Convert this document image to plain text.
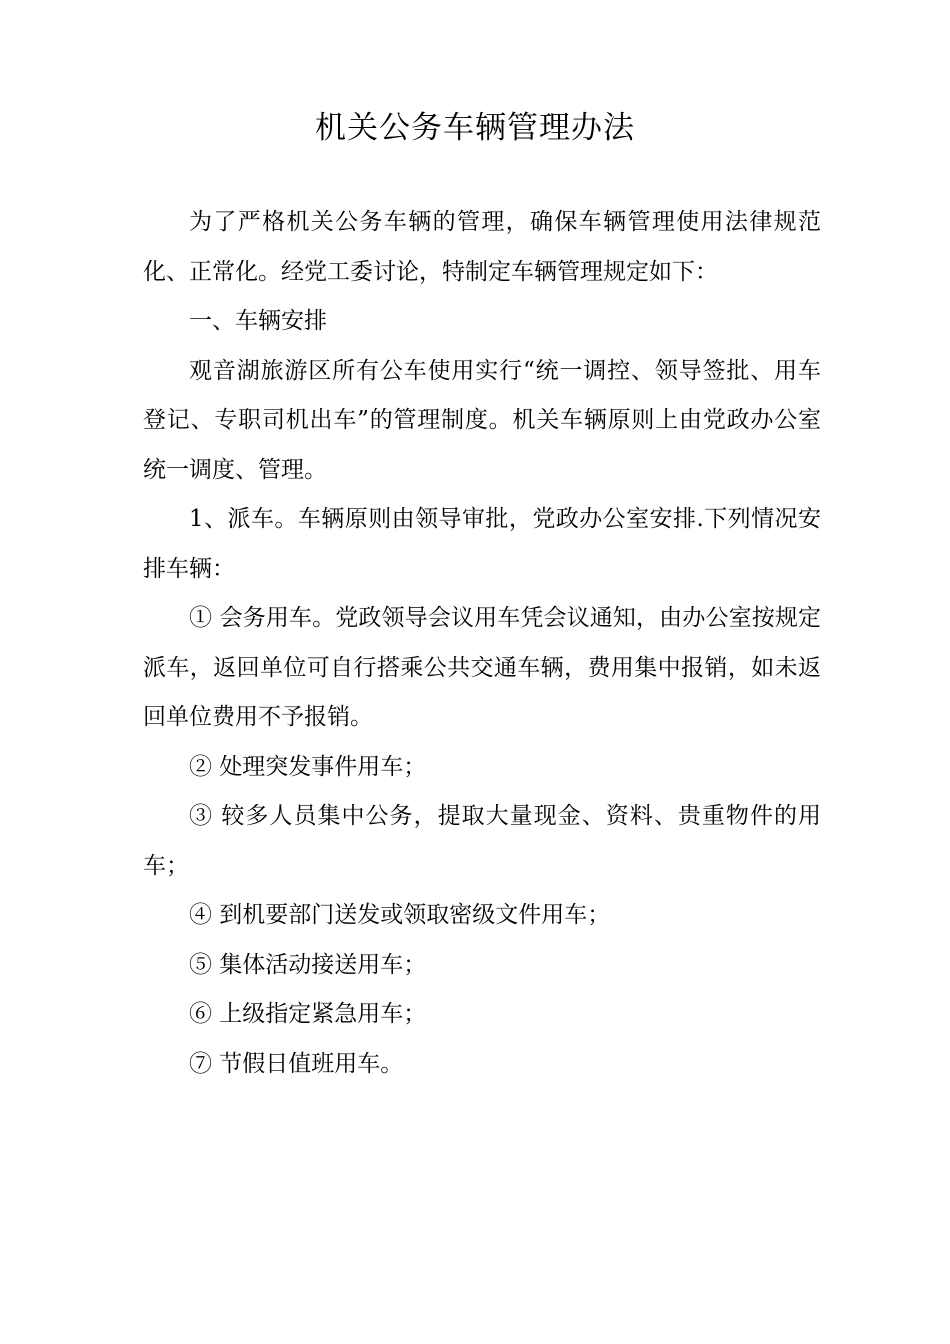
机关公务车辆管理办法

为了严格机关公务车辆的管理，确保车辆管理使用法律规范化、正常化。经党工委讨论，特制定车辆管理规定如下：

一、车辆安排

观音湖旅游区所有公车使用实行“统一调控、领导签批、用车登记、专职司机出车”的管理制度。机关车辆原则上由党政办公室统一调度、管理。

1、派车。车辆原则由领导审批，党政办公室安排.下列情况安排车辆：

① 会务用车。党政领导会议用车凭会议通知，由办公室按规定派车，返回单位可自行搭乘公共交通车辆，费用集中报销，如未返回单位费用不予报销。

② 处理突发事件用车；

③ 较多人员集中公务，提取大量现金、资料、贵重物件的用车；

④ 到机要部门送发或领取密级文件用车；

⑤ 集体活动接送用车；

⑥ 上级指定紧急用车；

⑦ 节假日值班用车。
